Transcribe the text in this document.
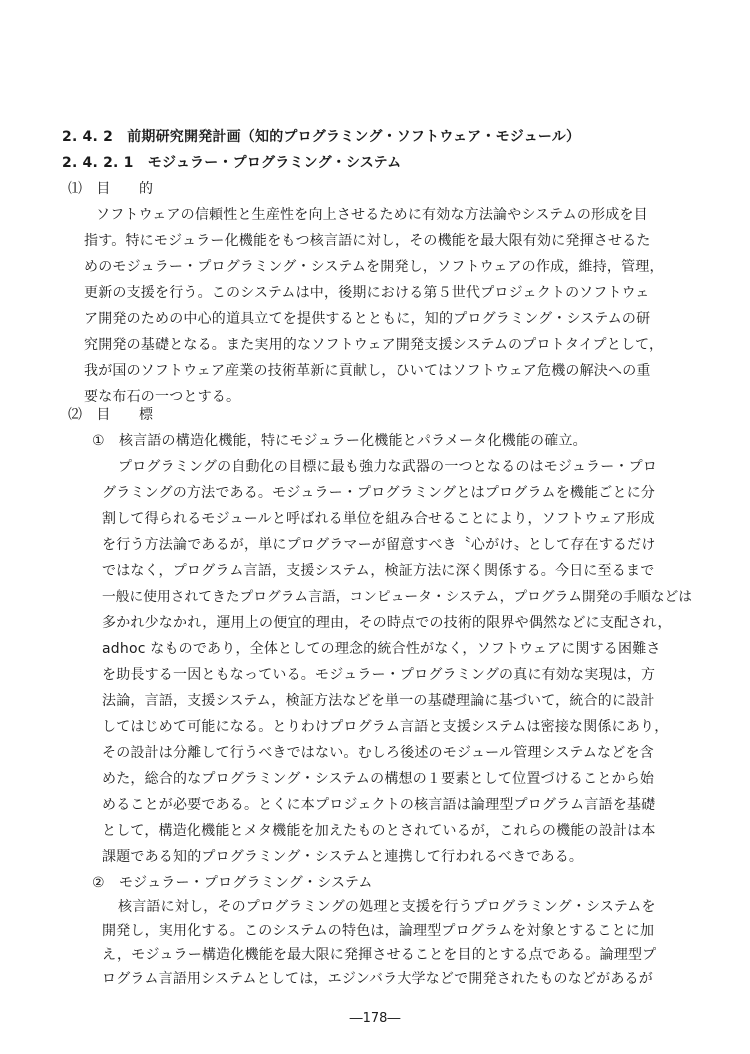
2. 4. 2　前期研究開発計画（知的プログラミング・ソフトウェア・モジュール）
2. 4. 2. 1　モジュラー・プログラミング・システム
⑴　目　　的
ソフトウェアの信頼性と生産性を向上させるために有効な方法論やシステムの形成を目
指す。特にモジュラー化機能をもつ核言語に対し，その機能を最大限有効に発揮させるた
めのモジュラー・プログラミング・システムを開発し，ソフトウェアの作成，維持，管理，
更新の支援を行う。このシステムは中，後期における第５世代プロジェクトのソフトウェ
ア開発のための中心的道具立てを提供するとともに，知的プログラミング・システムの研
究開発の基礎となる。また実用的なソフトウェア開発支援システムのプロトタイプとして，
我が国のソフトウェア産業の技術革新に貢献し，ひいてはソフトウェア危機の解決への重
要な布石の一つとする。
⑵　目　　標
①　核言語の構造化機能，特にモジュラー化機能とパラメータ化機能の確立。
プログラミングの自動化の目標に最も強力な武器の一つとなるのはモジュラー・プロ
グラミングの方法である。モジュラー・プログラミングとはプログラムを機能ごとに分
割して得られるモジュールと呼ばれる単位を組み合せることにより，ソフトウェア形成
を行う方法論であるが，単にプログラマーが留意すべき〝心がけ〟として存在するだけ
ではなく，プログラム言語，支援システム，検証方法に深く関係する。今日に至るまで
一般に使用されてきたプログラム言語，コンピュータ・システム，プログラム開発の手順などは
多かれ少なかれ，運用上の便宜的理由，その時点での技術的限界や偶然などに支配され，
adhoc なものであり，全体としての理念的統合性がなく，ソフトウェアに関する困難さ
を助長する一因ともなっている。モジュラー・プログラミングの真に有効な実現は，方
法論，言語，支援システム，検証方法などを単一の基礎理論に基づいて，統合的に設計
してはじめて可能になる。とりわけプログラム言語と支援システムは密接な関係にあり，
その設計は分離して行うべきではない。むしろ後述のモジュール管理システムなどを含
めた，総合的なプログラミング・システムの構想の１要素として位置づけることから始
めることが必要である。とくに本プロジェクトの核言語は論理型プログラム言語を基礎
として，構造化機能とメタ機能を加えたものとされているが，これらの機能の設計は本
課題である知的プログラミング・システムと連携して行われるべきである。
②　モジュラー・プログラミング・システム
核言語に対し，そのプログラミングの処理と支援を行うプログラミング・システムを
開発し，実用化する。このシステムの特色は，論理型プログラムを対象とすることに加
え，モジュラー構造化機能を最大限に発揮させることを目的とする点である。論理型プ
ログラム言語用システムとしては，エジンバラ大学などで開発されたものなどがあるが
―178―
